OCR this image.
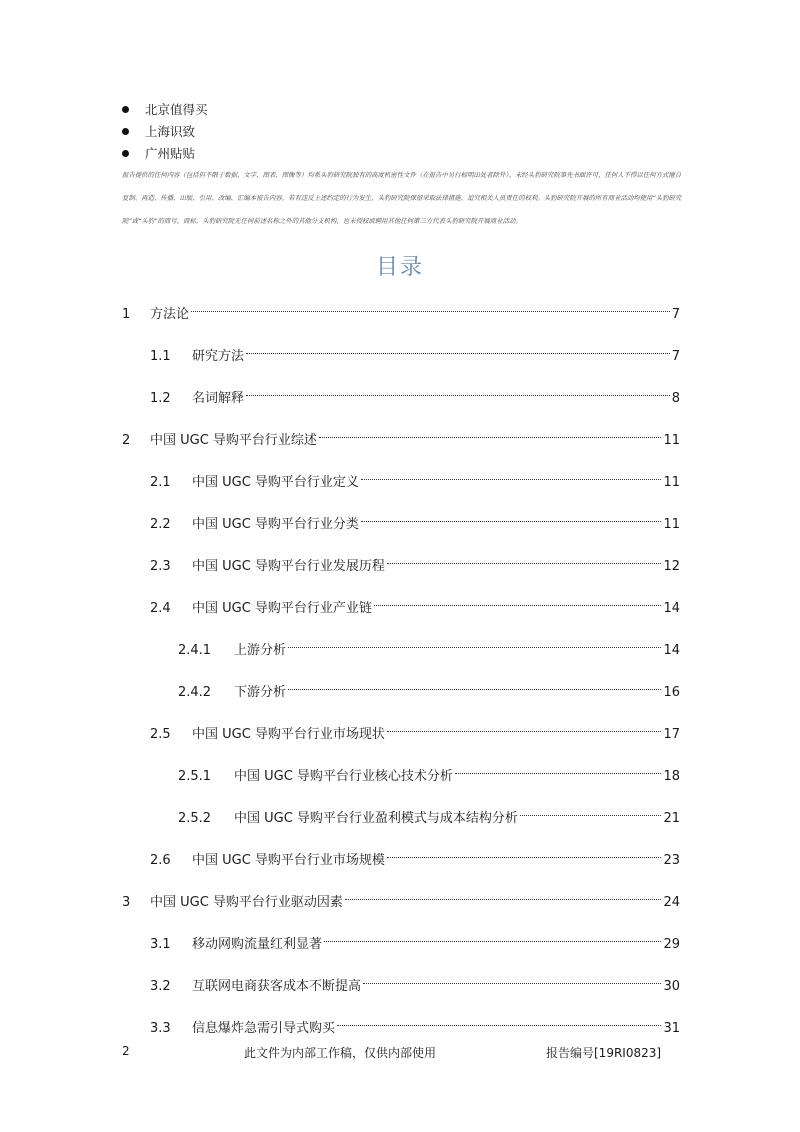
北京值得买
上海识致
广州贴贴
报告提供的任何内容（包括但不限于数据、文字、图表、图像等）均系头豹研究院独有的高度机密性文件（在报告中另行标明出处者除外）。未经头豹研究院事先书面许可，任何人不得以任何方式擅自复制、再造、传播、出版、引用、改编、汇编本报告内容，若有违反上述约定的行为发生，头豹研究院保留采取法律措施、追究相关人员责任的权利。头豹研究院开展的所有商业活动均使用“头豹研究院”或“头豹”的商号、商标，头豹研究院无任何前述名称之外的其他分支机构，也未授权或聘用其他任何第三方代表头豹研究院开展商业活动。
目录
1	方法论	7
1.1	研究方法	7
1.2	名词解释	8
2	中国 UGC 导购平台行业综述	11
2.1	中国 UGC 导购平台行业定义	11
2.2	中国 UGC 导购平台行业分类	11
2.3	中国 UGC 导购平台行业发展历程	12
2.4	中国 UGC 导购平台行业产业链	14
2.4.1	上游分析	14
2.4.2	下游分析	16
2.5	中国 UGC 导购平台行业市场现状	17
2.5.1	中国 UGC 导购平台行业核心技术分析	18
2.5.2	中国 UGC 导购平台行业盈利模式与成本结构分析	21
2.6	中国 UGC 导购平台行业市场规模	23
3	中国 UGC 导购平台行业驱动因素	24
3.1	移动网购流量红利显著	29
3.2	互联网电商获客成本不断提高	30
3.3	信息爆炸急需引导式购买	31
2	此文件为内部工作稿，仅供内部使用	报告编号[19RI0823]
